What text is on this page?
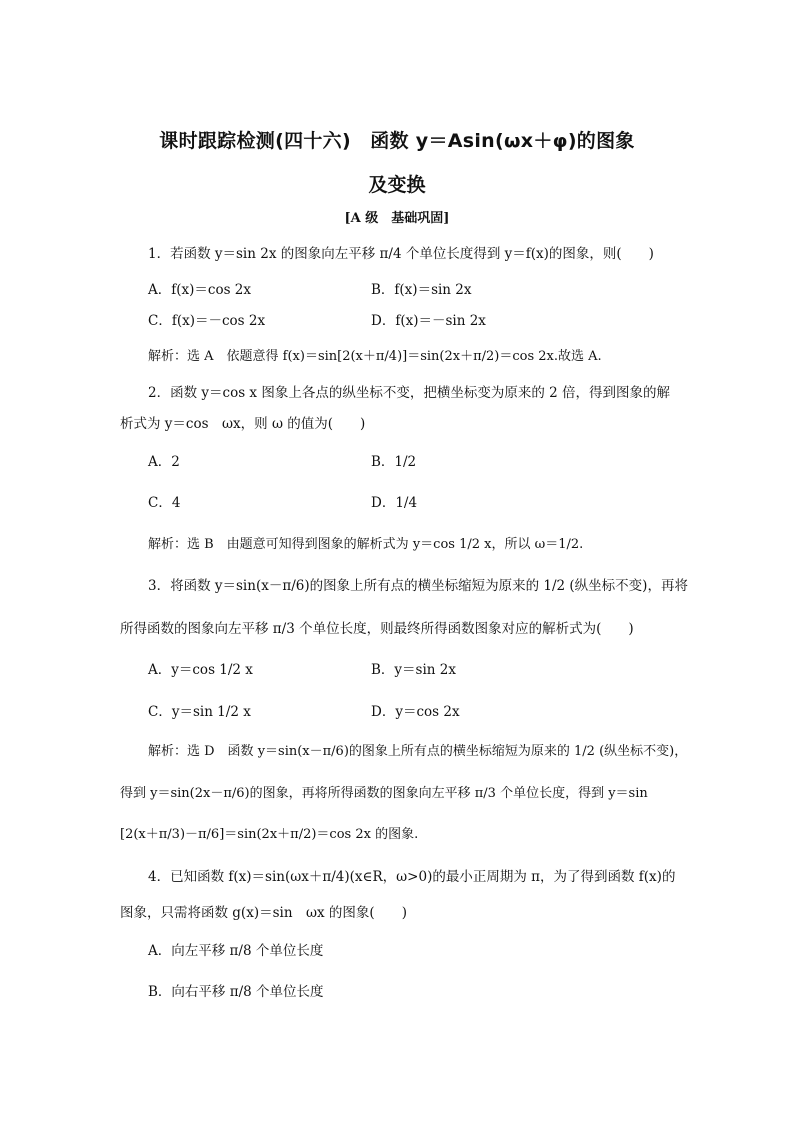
课时跟踪检测(四十六)　函数 y＝Asin(ωx＋φ)的图象
及变换
[A 级　基础巩固]
1．若函数 y＝sin 2x 的图象向左平移 π/4 个单位长度得到 y＝f(x)的图象，则(　　)
A．f(x)＝cos 2x	B．f(x)＝sin 2x
C．f(x)＝－cos 2x	D．f(x)＝－sin 2x
解析：选 A　依题意得 f(x)＝sin[2(x＋π/4)]＝sin(2x＋π/2)＝cos 2x.故选 A.
2．函数 y＝cos x 图象上各点的纵坐标不变，把横坐标变为原来的 2 倍，得到图象的解
析式为 y＝cos　ωx，则 ω 的值为(　　)
A．2	B．1/2
C．4	D．1/4
解析：选 B　由题意可知得到图象的解析式为 y＝cos 1/2 x，所以 ω＝1/2.
3．将函数 y＝sin(x－π/6)的图象上所有点的横坐标缩短为原来的 1/2 (纵坐标不变)，再将
所得函数的图象向左平移 π/3 个单位长度，则最终所得函数图象对应的解析式为(　　)
A．y＝cos 1/2 x	B．y＝sin 2x
C．y＝sin 1/2 x	D．y＝cos 2x
解析：选 D　函数 y＝sin(x－π/6)的图象上所有点的横坐标缩短为原来的 1/2 (纵坐标不变)，
得到 y＝sin(2x－π/6)的图象，再将所得函数的图象向左平移 π/3 个单位长度，得到 y＝sin
[2(x＋π/3)－π/6]＝sin(2x＋π/2)＝cos 2x 的图象.
4．已知函数 f(x)＝sin(ωx＋π/4)(x∈R，ω>0)的最小正周期为 π，为了得到函数 f(x)的
图象，只需将函数 g(x)＝sin　ωx 的图象(　　)
A．向左平移 π/8 个单位长度
B．向右平移 π/8 个单位长度
